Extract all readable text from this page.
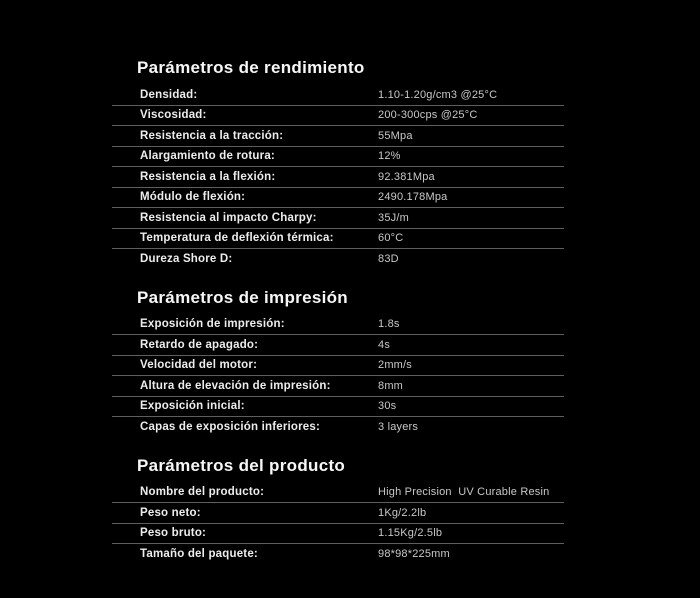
Parámetros de rendimiento
Densidad:	1.10-1.20g/cm3 @25°C
Viscosidad:	200-300cps @25°C
Resistencia a la tracción:	55Mpa
Alargamiento de rotura:	12%
Resistencia a la flexión:	92.381Mpa
Módulo de flexión:	2490.178Mpa
Resistencia al impacto Charpy:	35J/m
Temperatura de deflexión térmica:	60°C
Dureza Shore D:	83D
Parámetros de impresión
Exposición de impresión:	1.8s
Retardo de apagado:	4s
Velocidad del motor:	2mm/s
Altura de elevación de impresión:	8mm
Exposición inicial:	30s
Capas de exposición inferiores:	3 layers
Parámetros del producto
Nombre del producto:	High Precision  UV Curable Resin
Peso neto:	1Kg/2.2lb
Peso bruto:	1.15Kg/2.5lb
Tamaño del paquete:	98*98*225mm
